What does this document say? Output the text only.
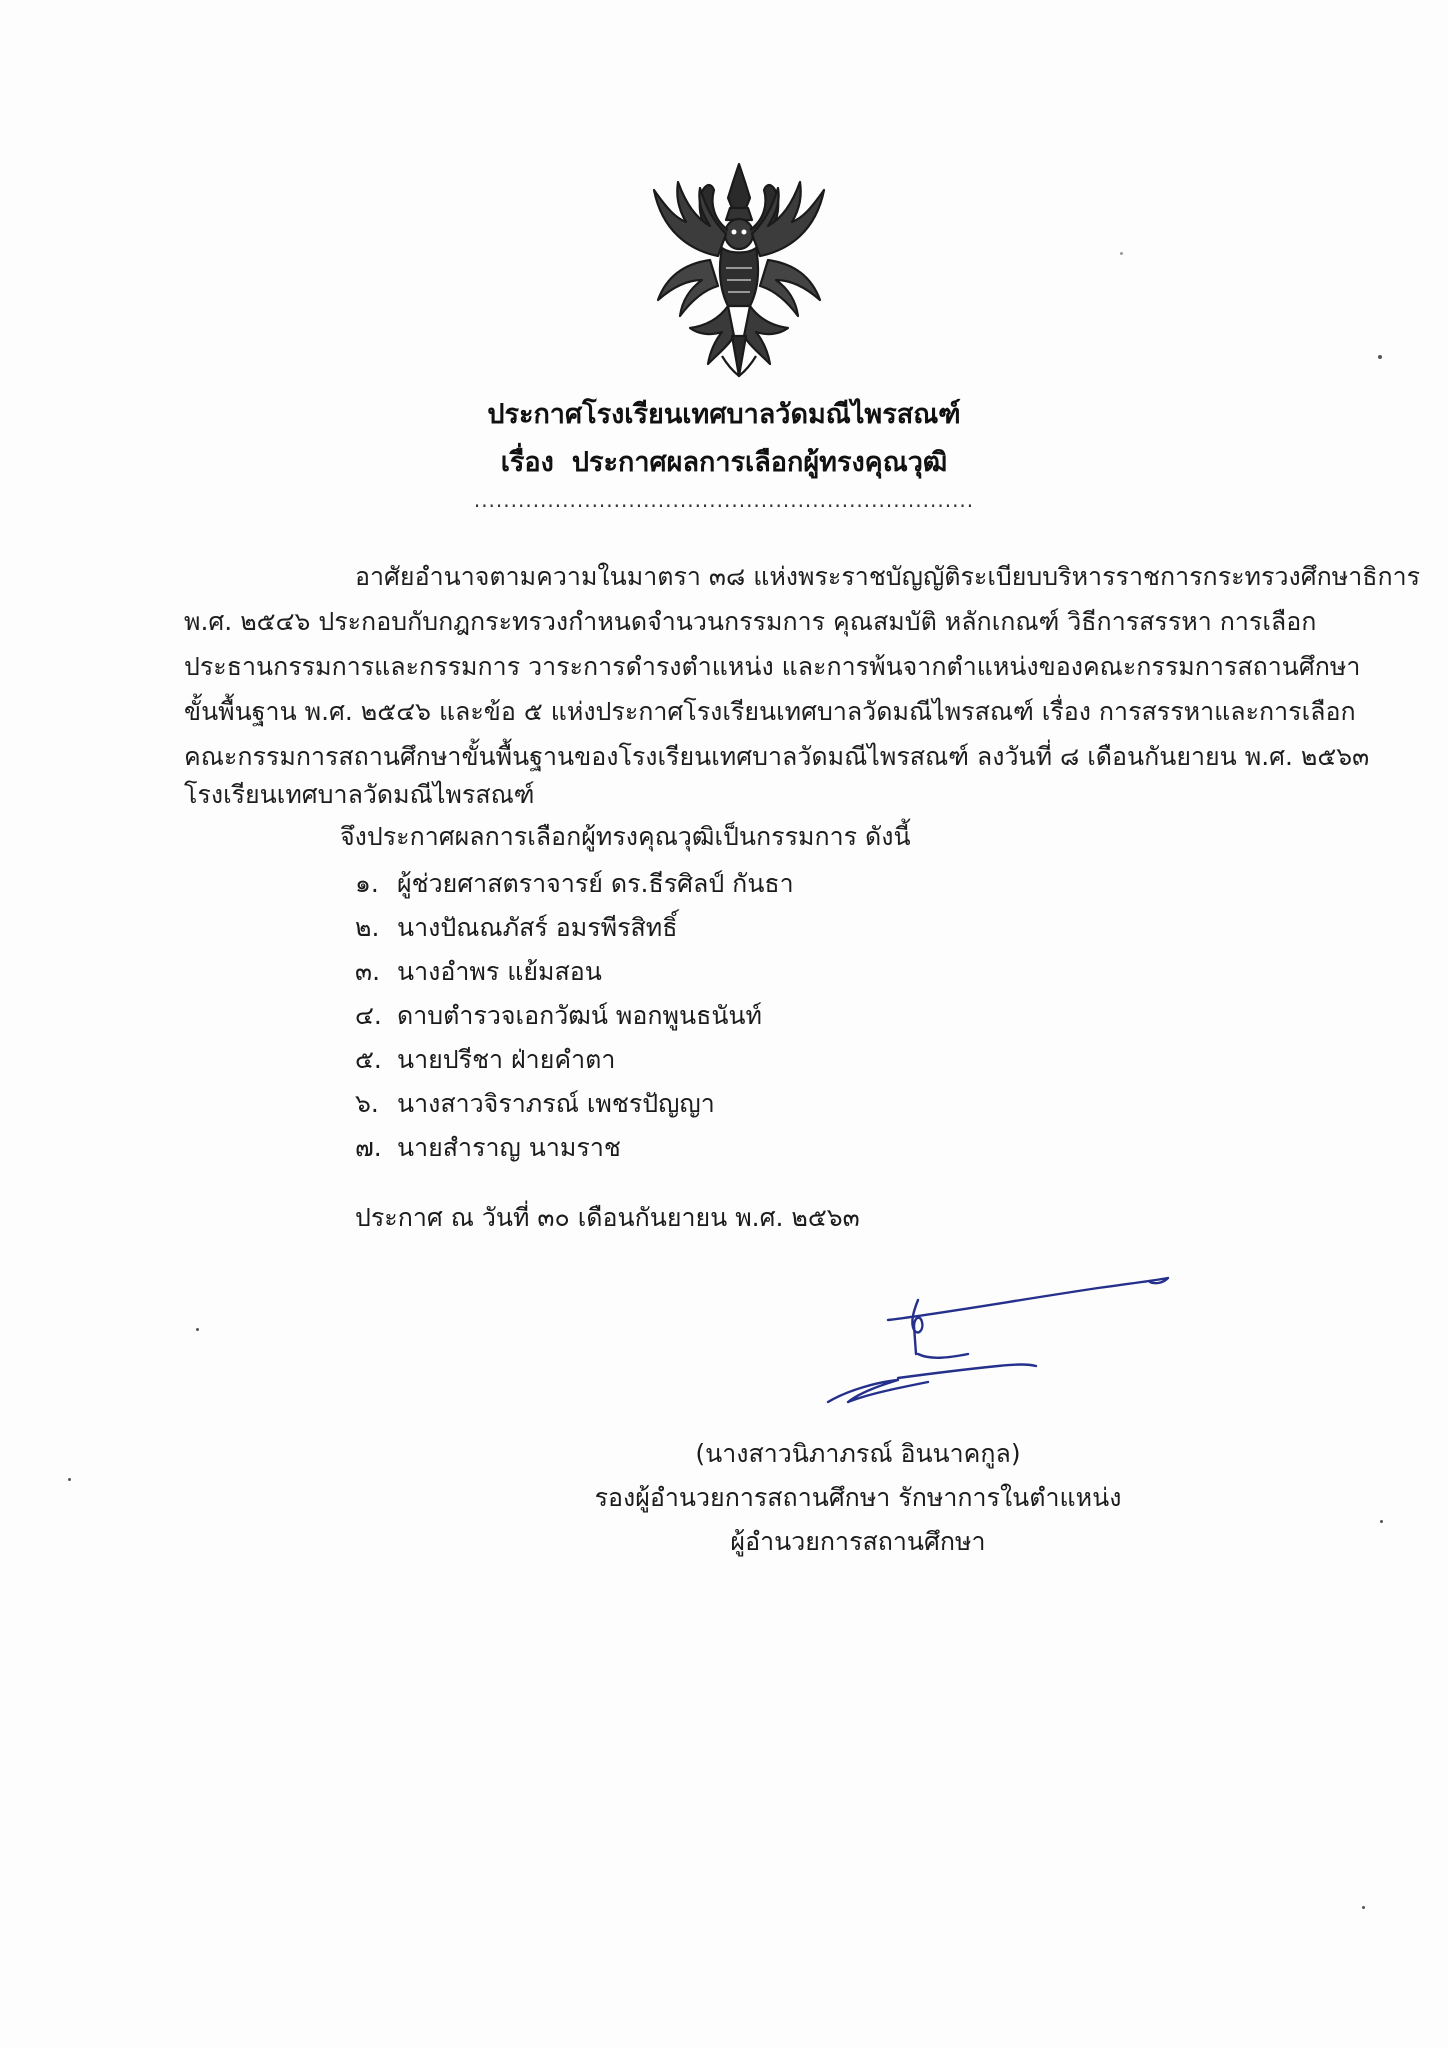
ประกาศโรงเรียนเทศบาลวัดมณีไพรสณฑ์
เรื่อง ประกาศผลการเลือกผู้ทรงคุณวุฒิ
....................................................................
อาศัยอำนาจตามความในมาตรา ๓๘ แห่งพระราชบัญญัติระเบียบบริหารราชการกระทรวงศึกษาธิการ
พ.ศ. ๒๕๔๖ ประกอบกับกฎกระทรวงกำหนดจำนวนกรรมการ คุณสมบัติ หลักเกณฑ์ วิธีการสรรหา การเลือก
ประธานกรรมการและกรรมการ วาระการดำรงตำแหน่ง และการพ้นจากตำแหน่งของคณะกรรมการสถานศึกษา
ขั้นพื้นฐาน พ.ศ. ๒๕๔๖ และข้อ ๕ แห่งประกาศโรงเรียนเทศบาลวัดมณีไพรสณฑ์ เรื่อง การสรรหาและการเลือก
คณะกรรมการสถานศึกษาขั้นพื้นฐานของโรงเรียนเทศบาลวัดมณีไพรสณฑ์ ลงวันที่ ๘ เดือนกันยายน พ.ศ. ๒๕๖๓
โรงเรียนเทศบาลวัดมณีไพรสณฑ์
จึงประกาศผลการเลือกผู้ทรงคุณวุฒิเป็นกรรมการ ดังนี้
๑. ผู้ช่วยศาสตราจารย์ ดร.ธีรศิลป์ กันธา
๒. นางปัณณภัสร์ อมรพีรสิทธิ์
๓. นางอำพร แย้มสอน
๔. ดาบตำรวจเอกวัฒน์ พอกพูนธนันท์
๕. นายปรีชา ฝ่ายคำตา
๖. นางสาวจิราภรณ์ เพชรปัญญา
๗. นายสำราญ นามราช
ประกาศ ณ วันที่ ๓๐ เดือนกันยายน พ.ศ. ๒๕๖๓
(นางสาวนิภาภรณ์ อินนาคกูล)
รองผู้อำนวยการสถานศึกษา รักษาการในตำแหน่ง
ผู้อำนวยการสถานศึกษา
